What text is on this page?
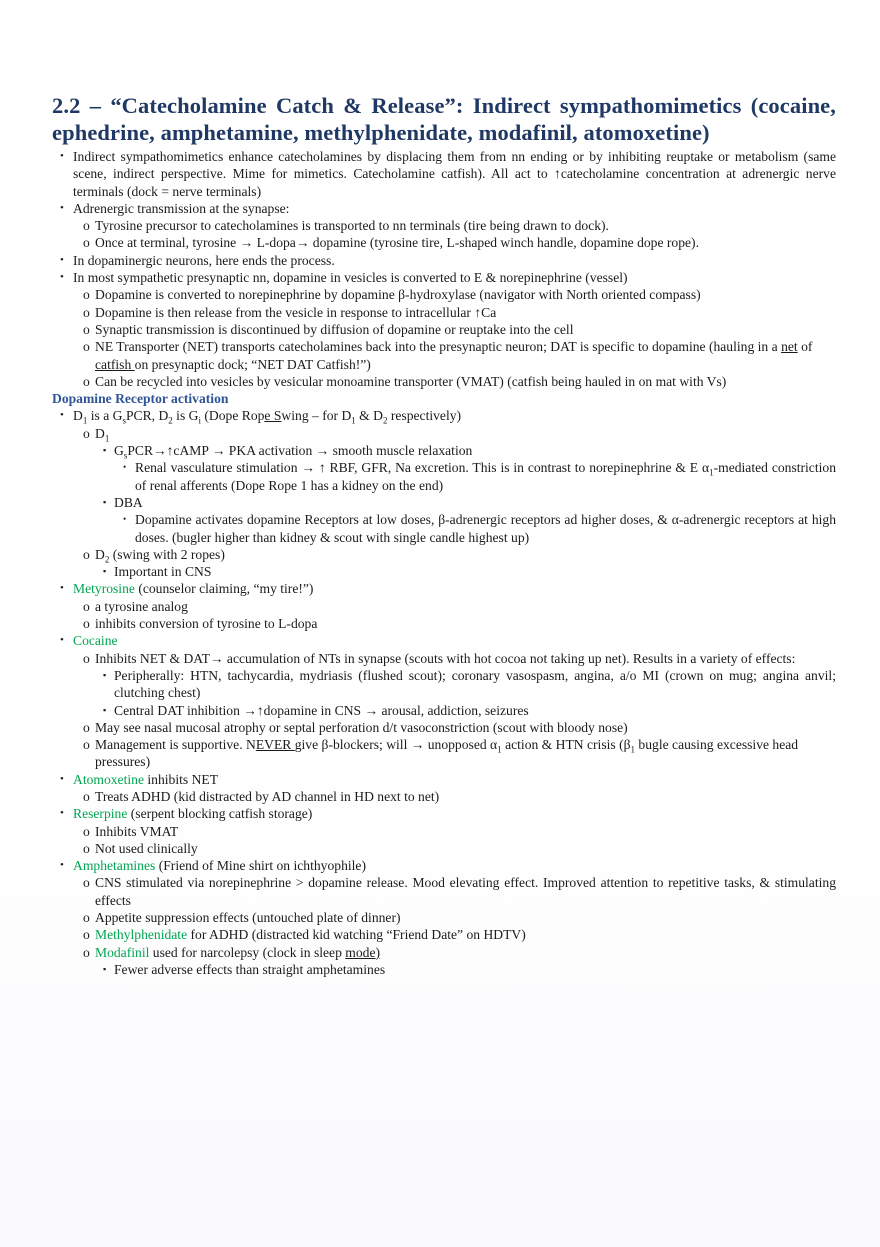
2.2 – “Catecholamine Catch & Release”: Indirect sympathomimetics (cocaine, ephedrine, amphetamine, methylphenidate, modafinil, atomoxetine)
• Indirect sympathomimetics enhance catecholamines by displacing them from nn ending or by inhibiting reuptake or metabolism (same scene, indirect perspective. Mime for mimetics. Catecholamine catfish). All act to ↑catecholamine concentration at adrenergic nerve terminals (dock = nerve terminals)
• Adrenergic transmission at the synapse:
o Tyrosine precursor to catecholamines is transported to nn terminals (tire being drawn to dock).
o Once at terminal, tyrosine → L-dopa→ dopamine (tyrosine tire, L-shaped winch handle, dopamine dope rope).
• In dopaminergic neurons, here ends the process.
• In most sympathetic presynaptic nn, dopamine in vesicles is converted to E & norepinephrine (vessel)
o Dopamine is converted to norepinephrine by dopamine β-hydroxylase (navigator with North oriented compass)
o Dopamine is then release from the vesicle in response to intracellular ↑Ca
o Synaptic transmission is discontinued by diffusion of dopamine or reuptake into the cell
o NE Transporter (NET) transports catecholamines back into the presynaptic neuron; DAT is specific to dopamine (hauling in a net of catfish on presynaptic dock; “NET DAT Catfish!”)
o Can be recycled into vesicles by vesicular monoamine transporter (VMAT) (catfish being hauled in on mat with Vs)
Dopamine Receptor activation
• $D_1$ is a $G_sPCR$, $D_2$ is $G_i$ (Dope Rope Swing – for $D_1$ & $D_2$ respectively)
o $D_1$
▪ $G_sPCR\to↑cAMP$ → PKA activation → smooth muscle relaxation
• Renal vasculature stimulation → ↑ RBF, GFR, Na excretion. This is in contrast to norepinephrine & E $\alpha_1$-mediated constriction of renal afferents (Dope Rope 1 has a kidney on the end)
▪ DBA
• Dopamine activates dopamine Receptors at low doses, β-adrenergic receptors ad higher doses, & α-adrenergic receptors at high doses. (bugler higher than kidney & scout with single candle highest up)
o $D_2$ (swing with 2 ropes)
▪ Important in CNS
• Metyrosine (counselor claiming, “my tire!”)
o a tyrosine analog
o inhibits conversion of tyrosine to L-dopa
• Cocaine
o Inhibits NET & DAT→ accumulation of NTs in synapse (scouts with hot cocoa not taking up net). Results in a variety of effects:
▪ Peripherally: HTN, tachycardia, mydriasis (flushed scout); coronary vasospasm, angina, a/o MI (crown on mug; angina anvil; clutching chest)
▪ Central DAT inhibition →↑dopamine in CNS → arousal, addiction, seizures
o May see nasal mucosal atrophy or septal perforation d/t vasoconstriction (scout with bloody nose)
o Management is supportive. NEVER give β-blockers; will → unopposed $\alpha_1$ action & HTN crisis ($\beta_1$ bugle causing excessive head pressures)
• Atomoxetine inhibits NET
o Treats ADHD (kid distracted by AD channel in HD next to net)
• Reserpine (serpent blocking catfish storage)
o Inhibits VMAT
o Not used clinically
• Amphetamines (Friend of Mine shirt on ichthyophile)
o CNS stimulated via norepinephrine > dopamine release. Mood elevating effect. Improved attention to repetitive tasks, & stimulating effects
o Appetite suppression effects (untouched plate of dinner)
o Methylphenidate for ADHD (distracted kid watching “Friend Date” on HDTV)
o Modafinil used for narcolepsy (clock in sleep mode)
▪ Fewer adverse effects than straight amphetamines
